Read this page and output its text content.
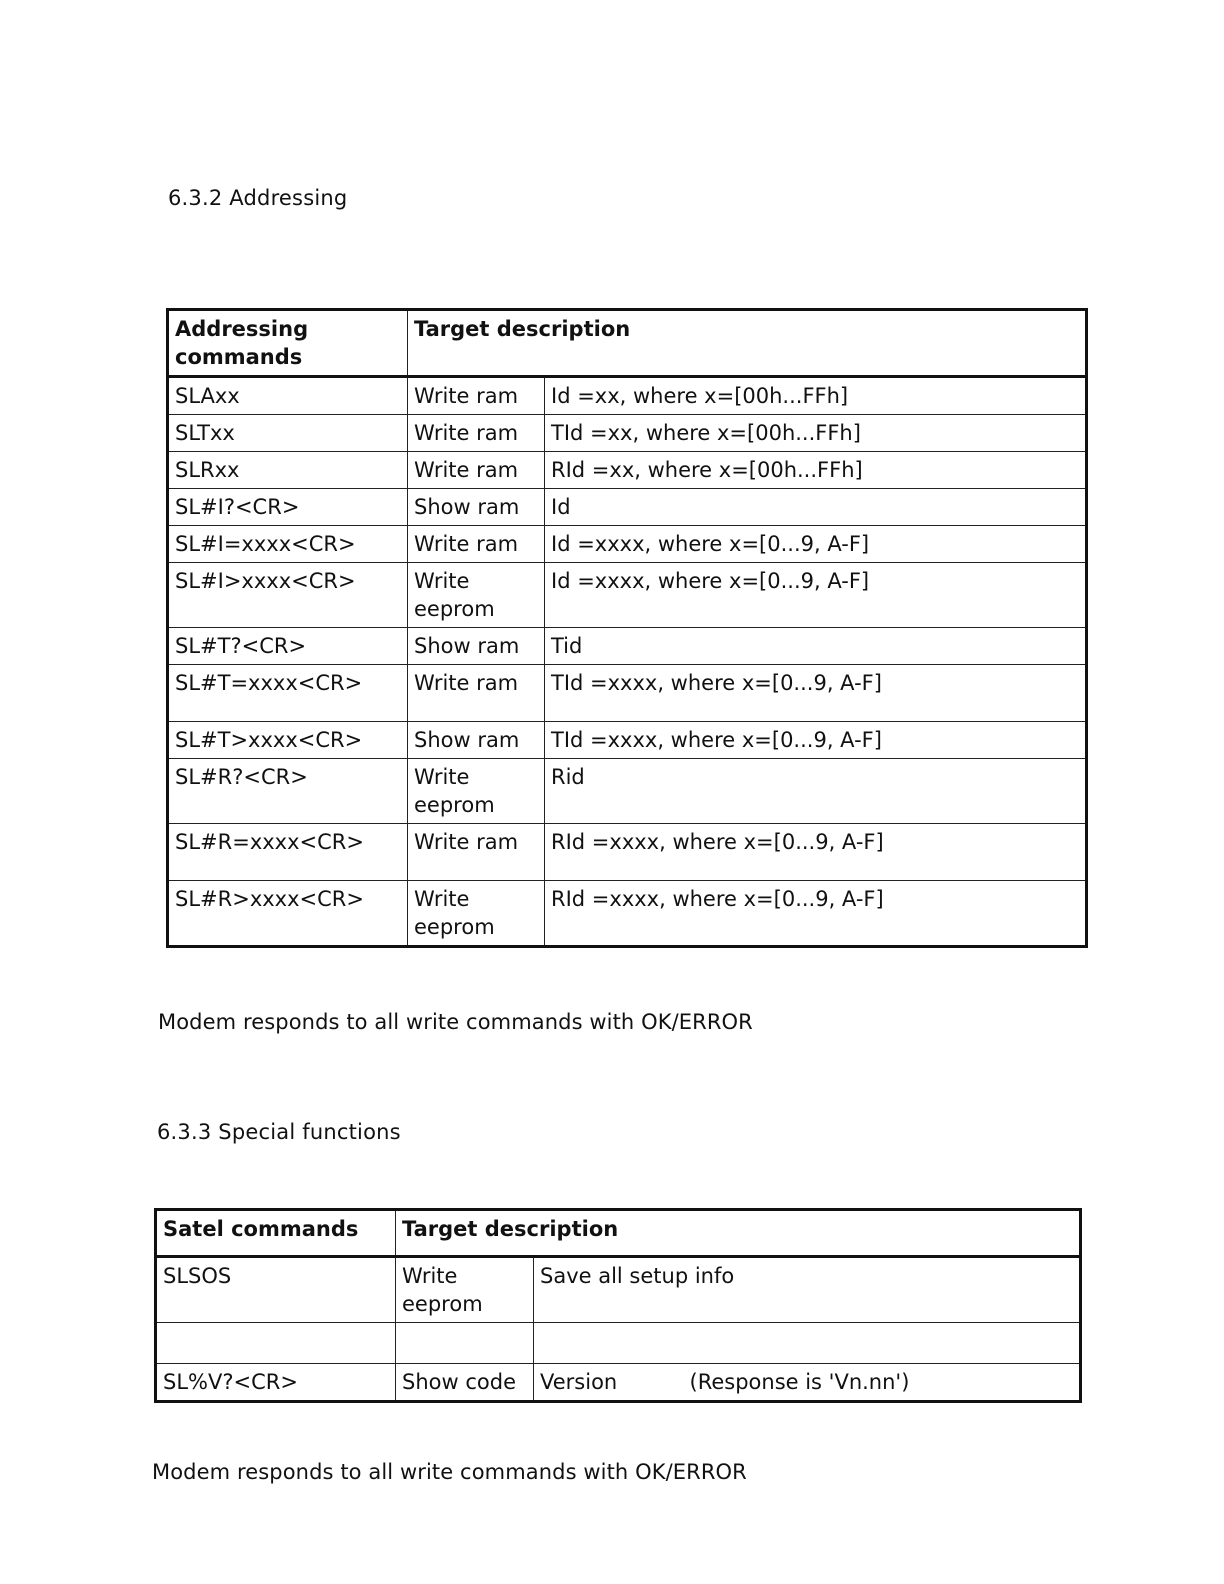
6.3.2 Addressing
Addressing commands	Target description	
SLAxx	Write ram	Id =xx, where x=[00h...FFh]
SLTxx	Write ram	TId =xx, where x=[00h...FFh]
SLRxx	Write ram	RId =xx, where x=[00h...FFh]
SL#I?<CR>	Show ram	Id
SL#I=xxxx<CR>	Write ram	Id =xxxx, where x=[0...9, A-F]
SL#I>xxxx<CR>	Write eeprom	Id =xxxx, where x=[0...9, A-F]
SL#T?<CR>	Show ram	Tid
SL#T=xxxx<CR>	Write ram	TId =xxxx, where x=[0...9, A-F]
SL#T>xxxx<CR>	Show ram	TId =xxxx, where x=[0...9, A-F]
SL#R?<CR>	Write eeprom	Rid
SL#R=xxxx<CR>	Write ram	RId =xxxx, where x=[0...9, A-F]
SL#R>xxxx<CR>	Write eeprom	RId =xxxx, where x=[0...9, A-F]
Modem responds to all write commands with OK/ERROR
6.3.3 Special functions
Satel commands	Target description		
SLSOS	Write eeprom	Save all setup info	

SL%V?<CR>	Show code	Version	(Response is 'Vn.nn')
Modem responds to all write commands with OK/ERROR
